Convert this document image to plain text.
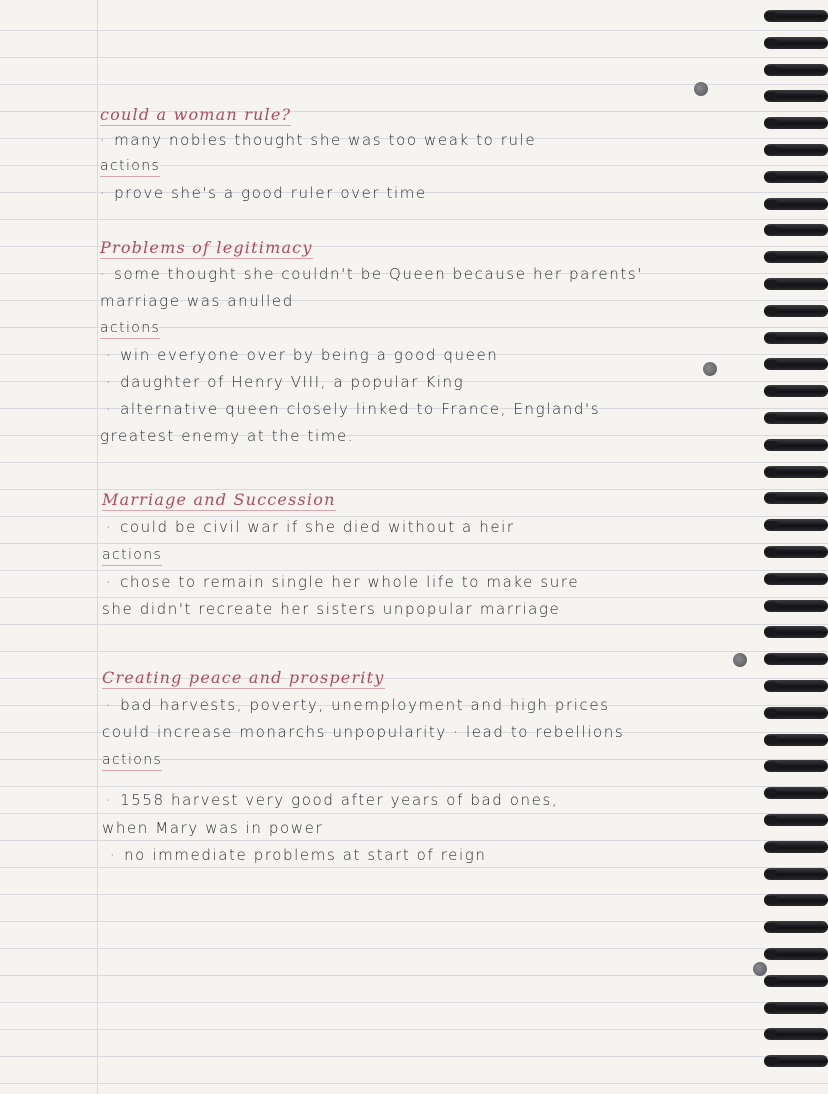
could a woman rule?
· many nobles thought she was too weak to rule
actions
· prove she's a good ruler over time
Problems of legitimacy
· some thought she couldn't be Queen because her parents'
marriage was anulled
actions
· win everyone over by being a good queen
· daughter of Henry VIII, a popular King
· alternative queen closely linked to France, England's
greatest enemy at the time.
Marriage and Succession
· could be civil war if she died without a heir
actions
· chose to remain single her whole life to make sure
she didn't recreate her sisters unpopular marriage
Creating peace and prosperity
· bad harvests, poverty, unemployment and high prices
could increase monarchs unpopularity · lead to rebellions
actions
· 1558 harvest very good after years of bad ones,
when Mary was in power
· no immediate problems at start of reign
